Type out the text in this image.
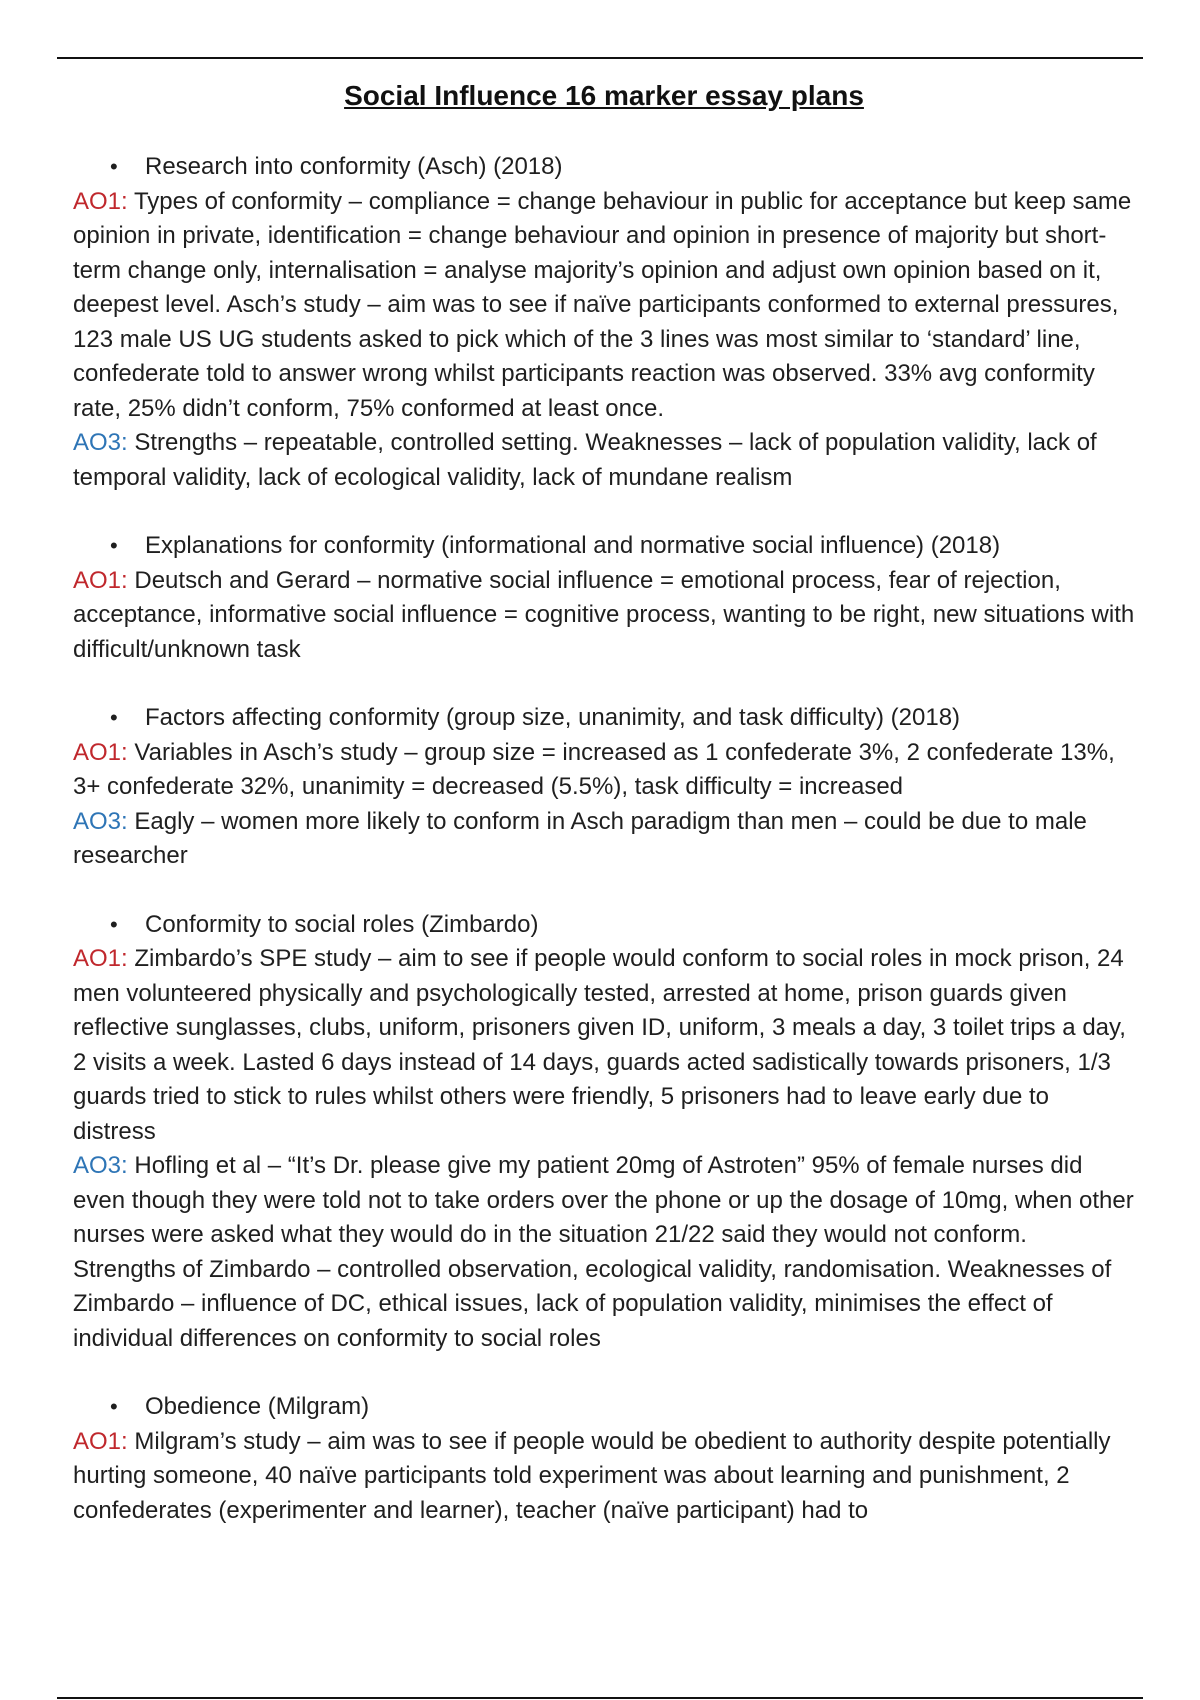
Social Influence 16 marker essay plans
• Research into conformity (Asch) (2018)

AO1: Types of conformity – compliance = change behaviour in public for acceptance but keep same opinion in private, identification = change behaviour and opinion in presence of majority but short-term change only, internalisation = analyse majority’s opinion and adjust own opinion based on it, deepest level. Asch’s study – aim was to see if naïve participants conformed to external pressures, 123 male US UG students asked to pick which of the 3 lines was most similar to ‘standard’ line, confederate told to answer wrong whilst participants reaction was observed. 33% avg conformity rate, 25% didn’t conform, 75% conformed at least once.

AO3: Strengths – repeatable, controlled setting. Weaknesses – lack of population validity, lack of temporal validity, lack of ecological validity, lack of mundane realism

• Explanations for conformity (informational and normative social influence) (2018)

AO1: Deutsch and Gerard – normative social influence = emotional process, fear of rejection, acceptance, informative social influence = cognitive process, wanting to be right, new situations with difficult/unknown task

• Factors affecting conformity (group size, unanimity, and task difficulty) (2018)

AO1: Variables in Asch’s study – group size = increased as 1 confederate 3%, 2 confederate 13%, 3+ confederate 32%, unanimity = decreased (5.5%), task difficulty = increased

AO3: Eagly – women more likely to conform in Asch paradigm than men – could be due to male researcher

• Conformity to social roles (Zimbardo)

AO1: Zimbardo’s SPE study – aim to see if people would conform to social roles in mock prison, 24 men volunteered physically and psychologically tested, arrested at home, prison guards given reflective sunglasses, clubs, uniform, prisoners given ID, uniform, 3 meals a day, 3 toilet trips a day, 2 visits a week. Lasted 6 days instead of 14 days, guards acted sadistically towards prisoners, 1/3 guards tried to stick to rules whilst others were friendly, 5 prisoners had to leave early due to distress

AO3: Hofling et al – “It’s Dr. please give my patient 20mg of Astroten” 95% of female nurses did even though they were told not to take orders over the phone or up the dosage of 10mg, when other nurses were asked what they would do in the situation 21/22 said they would not conform. Strengths of Zimbardo – controlled observation, ecological validity, randomisation. Weaknesses of Zimbardo – influence of DC, ethical issues, lack of population validity, minimises the effect of individual differences on conformity to social roles

• Obedience (Milgram)

AO1: Milgram’s study – aim was to see if people would be obedient to authority despite potentially hurting someone, 40 naïve participants told experiment was about learning and punishment, 2 confederates (experimenter and learner), teacher (naïve participant) had to
